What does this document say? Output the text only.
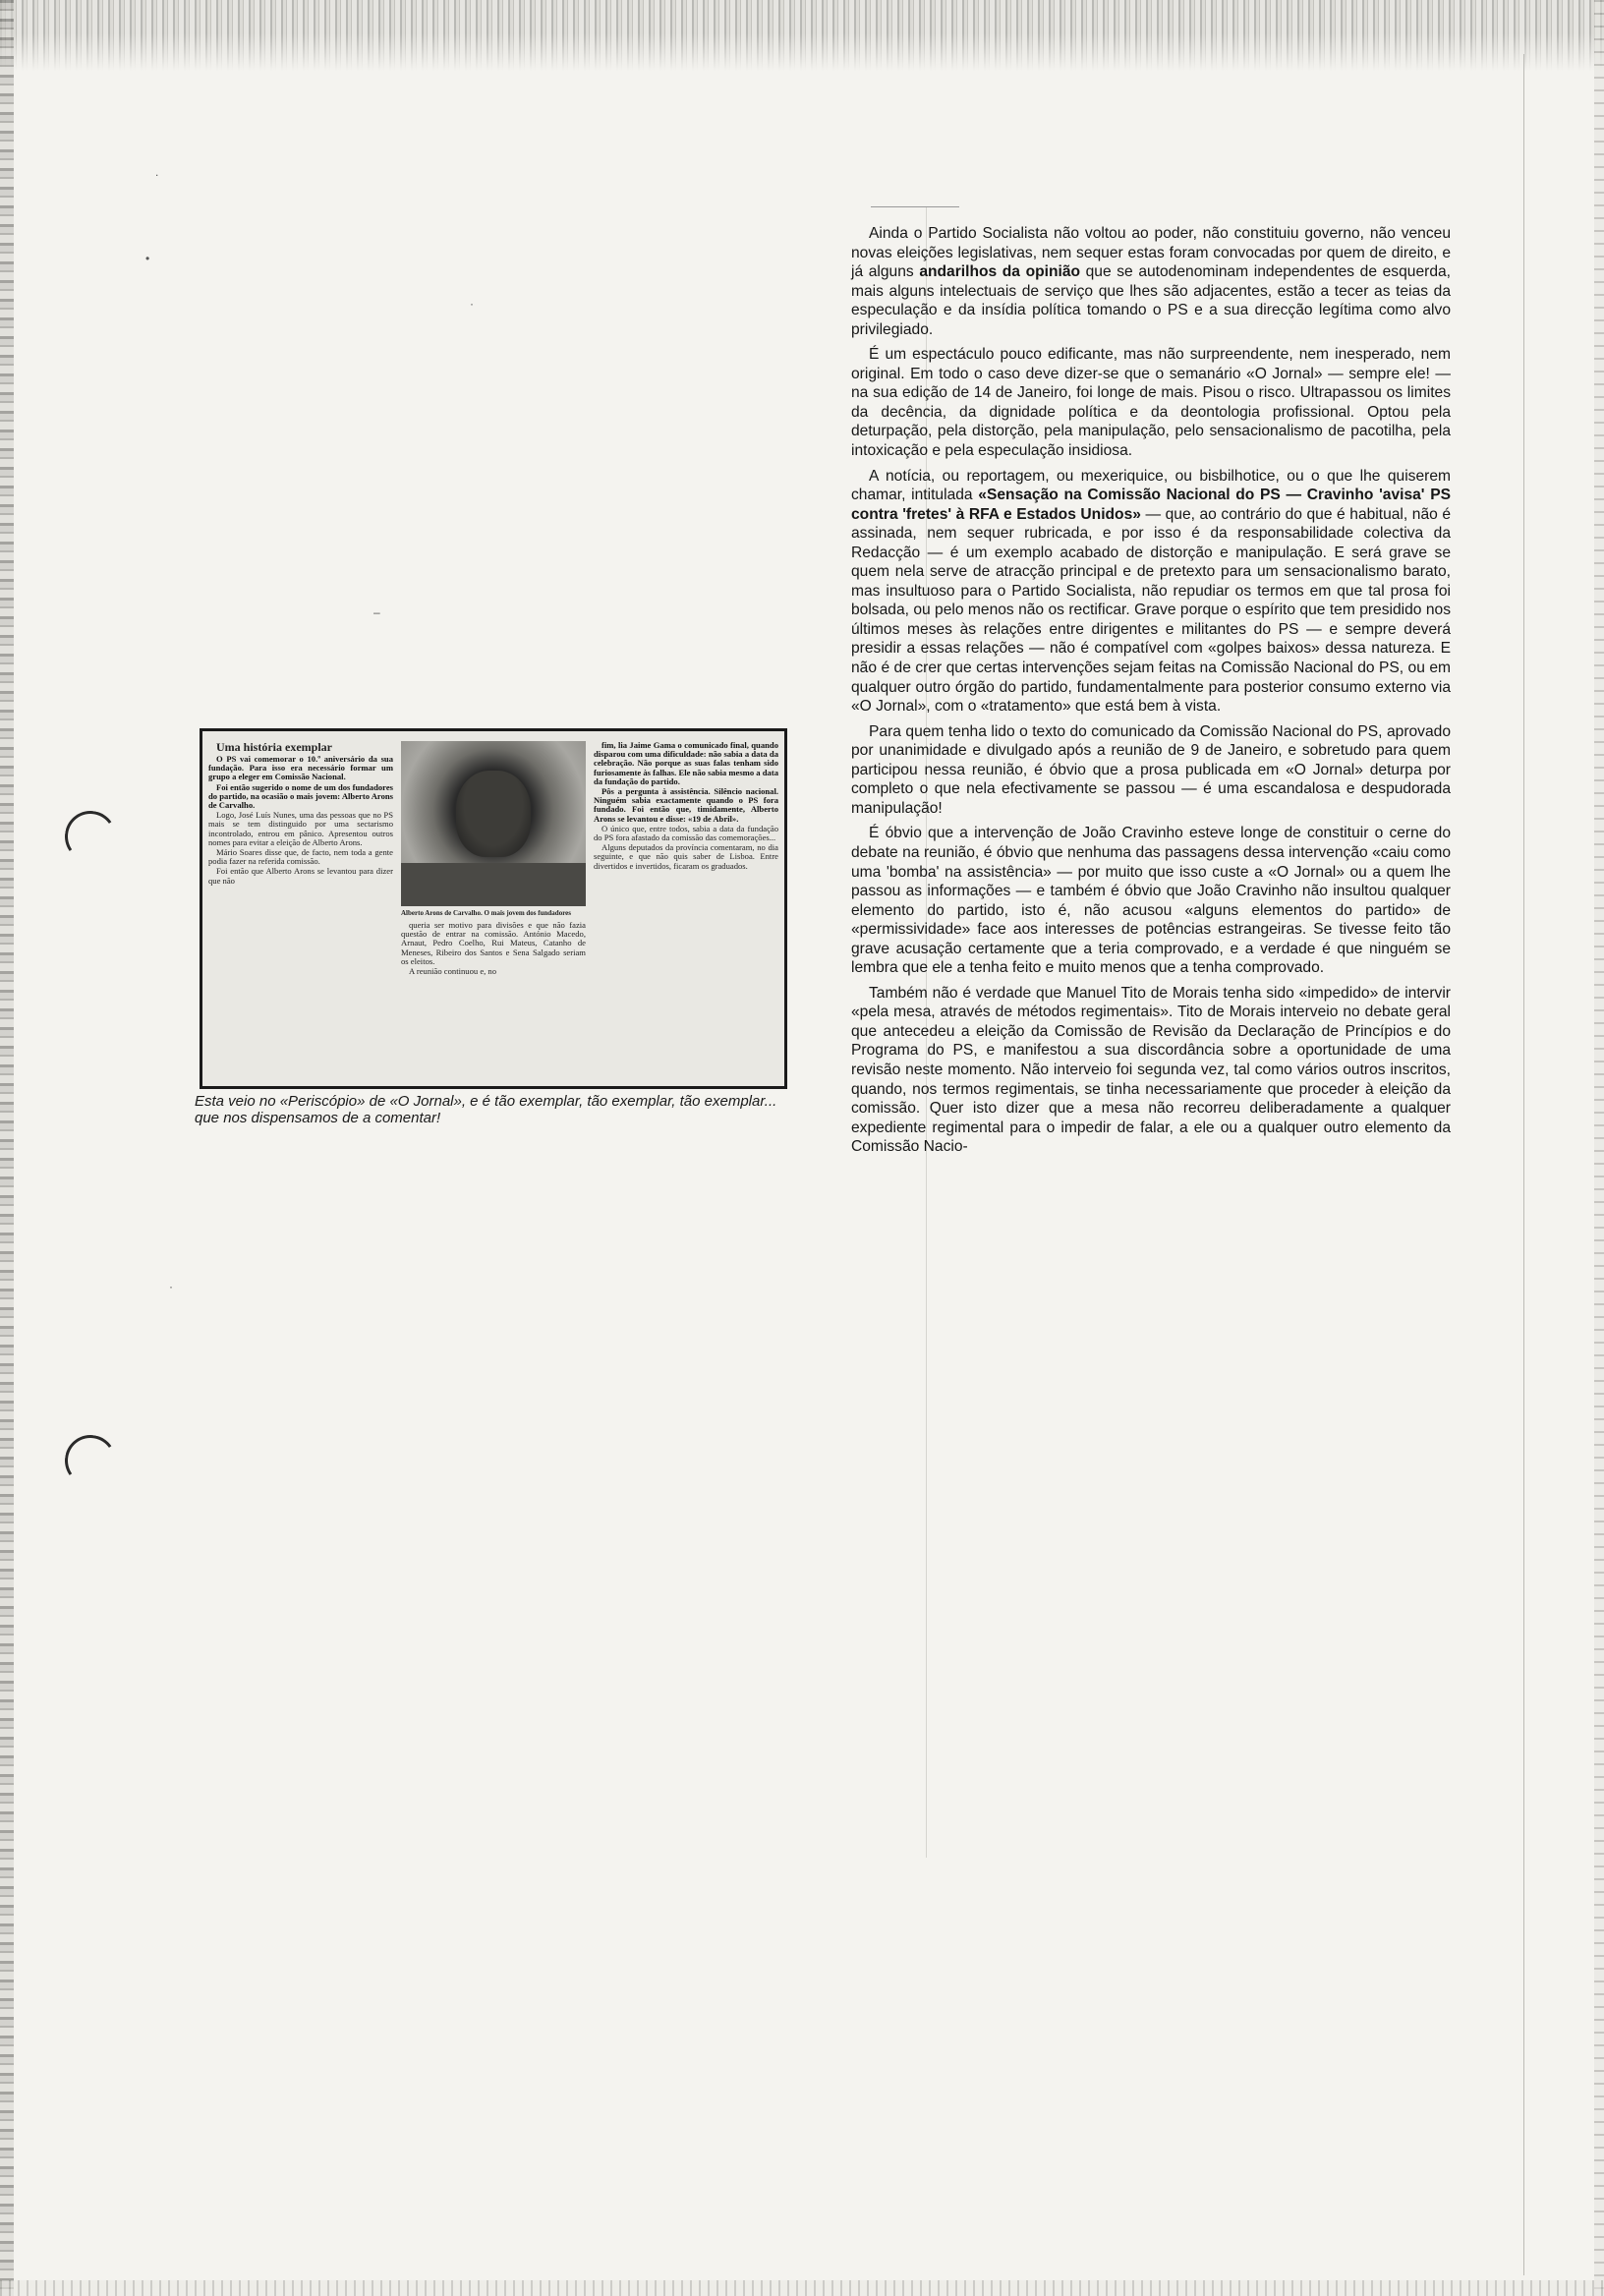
.
•
–
·
·

Uma história exemplar

O PS vai comemorar o 10.º aniversário da sua fundação. Para isso era necessário formar um grupo a eleger em Comissão Nacional.

Foi então sugerido o nome de um dos fundadores do partido, na ocasião o mais jovem: Alberto Arons de Carvalho.

Logo, José Luís Nunes, uma das pessoas que no PS mais se tem distinguido por uma sectarismo incontrolado, entrou em pânico. Apresentou outros nomes para evitar a eleição de Alberto Arons.

Mário Soares disse que, de facto, nem toda a gente podia fazer na referida comissão.

Foi então que Alberto Arons se levantou para dizer que não

Alberto Arons de Carvalho. O mais jovem dos fundadores

queria ser motivo para divisões e que não fazia questão de entrar na comissão. António Macedo, Arnaut, Pedro Coelho, Rui Mateus, Catanho de Meneses, Ribeiro dos Santos e Sena Salgado seriam os eleitos.

A reunião continuou e, no

fim, lia Jaime Gama o comunicado final, quando disparou com uma dificuldade: não sabia a data da celebração. Não porque as suas falas tenham sido furiosamente às falhas. Ele não sabia mesmo a data da fundação do partido.

Pôs a pergunta à assistência. Silêncio nacional. Ninguém sabia exactamente quando o PS fora fundado. Foi então que, timidamente, Alberto Arons se levantou e disse: «19 de Abril».

O único que, entre todos, sabia a data da fundação do PS fora afastado da comissão das comemorações...

Alguns deputados da província comentaram, no dia seguinte, e que não quis saber de Lisboa. Entre divertidos e invertidos, ficaram os graduados.

Esta veio no «Periscópio» de «O Jornal», e é tão exemplar, tão exemplar, tão exemplar... que nos dispensamos de a comentar!

Ainda o Partido Socialista não voltou ao poder, não constituiu governo, não venceu novas eleições legislativas, nem sequer estas foram convocadas por quem de direito, e já alguns andarilhos da opinião que se autodenominam independentes de esquerda, mais alguns intelectuais de serviço que lhes são adjacentes, estão a tecer as teias da especulação e da insídia política tomando o PS e a sua direcção legítima como alvo privilegiado.

É um espectáculo pouco edificante, mas não surpreendente, nem inesperado, nem original. Em todo o caso deve dizer-se que o semanário «O Jornal» — sempre ele! — na sua edição de 14 de Janeiro, foi longe de mais. Pisou o risco. Ultrapassou os limites da decência, da dignidade política e da deontologia profissional. Optou pela deturpação, pela distorção, pela manipulação, pelo sensacionalismo de pacotilha, pela intoxicação e pela especulação insidiosa.

A notícia, ou reportagem, ou mexeriquice, ou bisbilhotice, ou o que lhe quiserem chamar, intitulada «Sensação na Comissão Nacional do PS — Cravinho 'avisa' PS contra 'fretes' à RFA e Estados Unidos» — que, ao contrário do que é habitual, não é assinada, nem sequer rubricada, e por isso é da responsabilidade colectiva da Redacção — é um exemplo acabado de distorção e manipulação. E será grave se quem nela serve de atracção principal e de pretexto para um sensacionalismo barato, mas insultuoso para o Partido Socialista, não repudiar os termos em que tal prosa foi bolsada, ou pelo menos não os rectificar. Grave porque o espírito que tem presidido nos últimos meses às relações entre dirigentes e militantes do PS — e sempre deverá presidir a essas relações — não é compatível com «golpes baixos» dessa natureza. E não é de crer que certas intervenções sejam feitas na Comissão Nacional do PS, ou em qualquer outro órgão do partido, fundamentalmente para posterior consumo externo via «O Jornal», com o «tratamento» que está bem à vista.

Para quem tenha lido o texto do comunicado da Comissão Nacional do PS, aprovado por unanimidade e divulgado após a reunião de 9 de Janeiro, e sobretudo para quem participou nessa reunião, é óbvio que a prosa publicada em «O Jornal» deturpa por completo o que nela efectivamente se passou — é uma escandalosa e despudorada manipulação!

É óbvio que a intervenção de João Cravinho esteve longe de constituir o cerne do debate na reunião, é óbvio que nenhuma das passagens dessa intervenção «caiu como uma 'bomba' na assistência» — por muito que isso custe a «O Jornal» ou a quem lhe passou as informações — e também é óbvio que João Cravinho não insultou qualquer elemento do partido, isto é, não acusou «alguns elementos do partido» de «permissividade» face aos interesses de potências estrangeiras. Se tivesse feito tão grave acusação certamente que a teria comprovado, e a verdade é que ninguém se lembra que ele a tenha feito e muito menos que a tenha comprovado.

Também não é verdade que Manuel Tito de Morais tenha sido «impedido» de intervir «pela mesa, através de métodos regimentais». Tito de Morais interveio no debate geral que antecedeu a eleição da Comissão de Revisão da Declaração de Princípios e do Programa do PS, e manifestou a sua discordância sobre a oportunidade de uma revisão neste momento. Não interveio foi segunda vez, tal como vários outros inscritos, quando, nos termos regimentais, se tinha necessariamente que proceder à eleição da comissão. Quer isto dizer que a mesa não recorreu deliberadamente a qualquer expediente regimental para o impedir de falar, a ele ou a qualquer outro elemento da Comissão Nacio-
